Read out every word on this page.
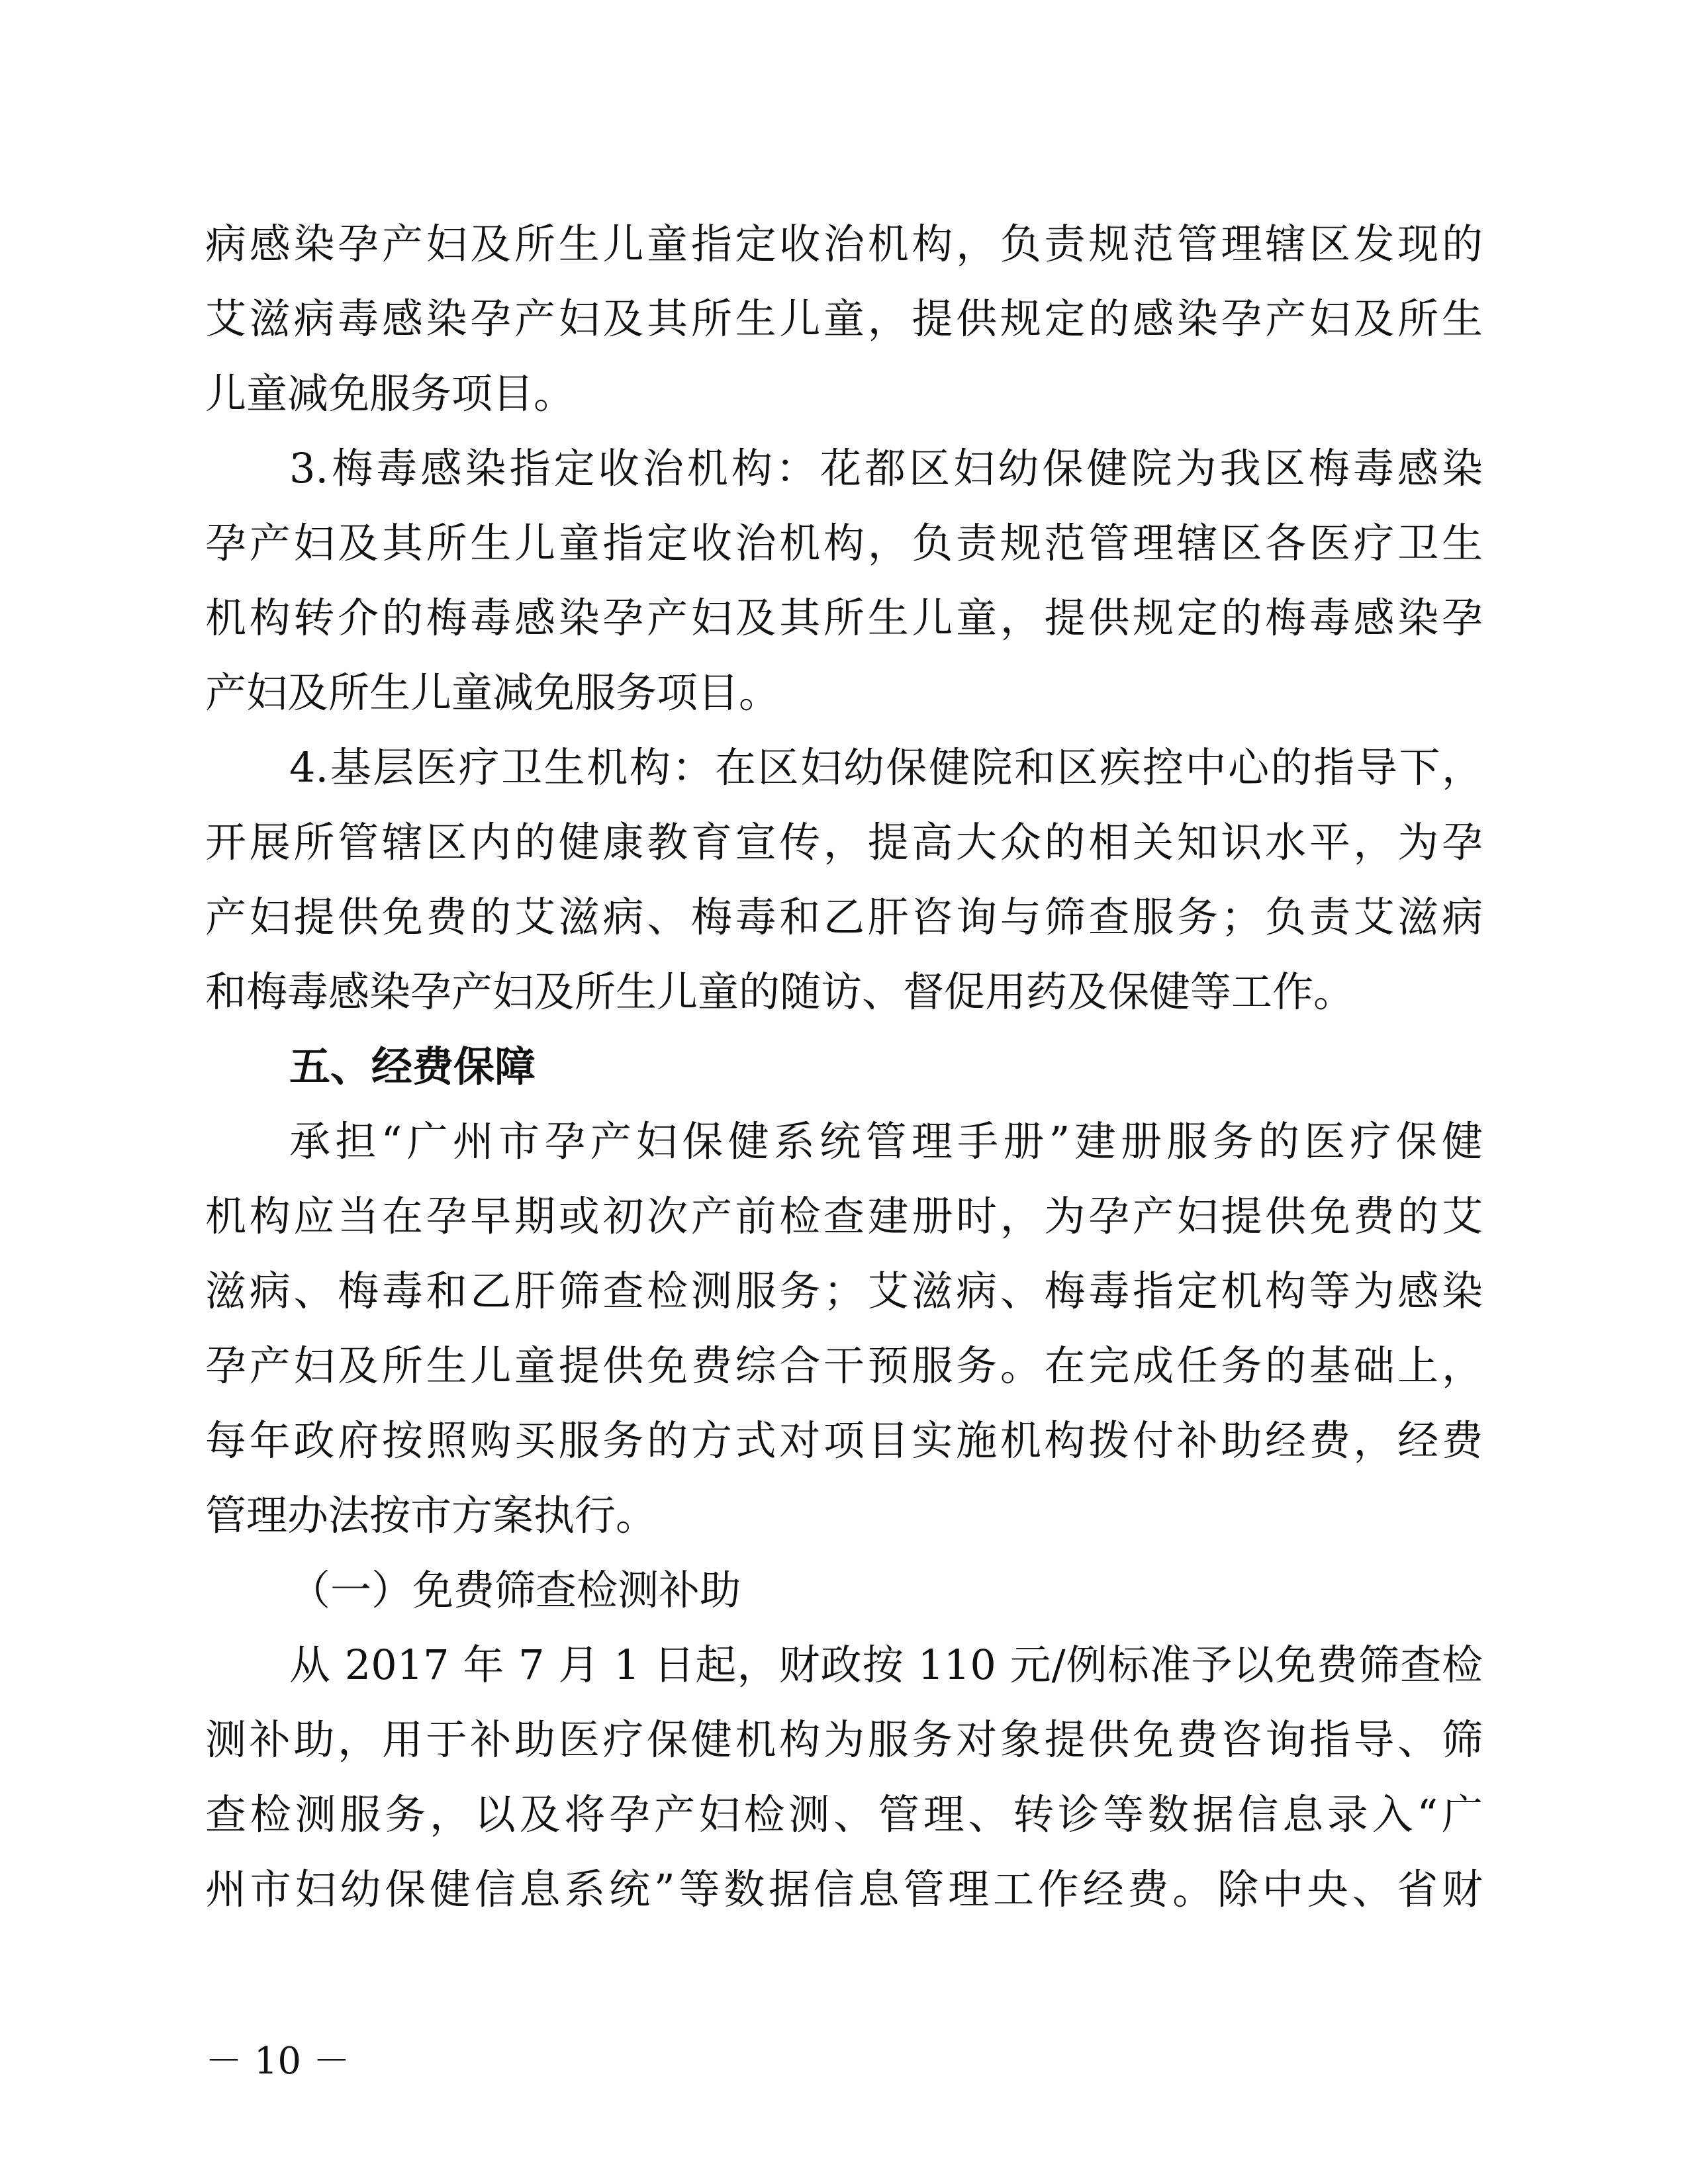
病感染孕产妇及所生儿童指定收治机构，负责规范管理辖区发现的
艾滋病毒感染孕产妇及其所生儿童，提供规定的感染孕产妇及所生
儿童减免服务项目。
3.梅毒感染指定收治机构：花都区妇幼保健院为我区梅毒感染
孕产妇及其所生儿童指定收治机构，负责规范管理辖区各医疗卫生
机构转介的梅毒感染孕产妇及其所生儿童，提供规定的梅毒感染孕
产妇及所生儿童减免服务项目。
4.基层医疗卫生机构：在区妇幼保健院和区疾控中心的指导下，
开展所管辖区内的健康教育宣传，提高大众的相关知识水平，为孕
产妇提供免费的艾滋病、梅毒和乙肝咨询与筛查服务；负责艾滋病
和梅毒感染孕产妇及所生儿童的随访、督促用药及保健等工作。
五、经费保障
承担“广州市孕产妇保健系统管理手册”建册服务的医疗保健
机构应当在孕早期或初次产前检查建册时，为孕产妇提供免费的艾
滋病、梅毒和乙肝筛查检测服务；艾滋病、梅毒指定机构等为感染
孕产妇及所生儿童提供免费综合干预服务。在完成任务的基础上，
每年政府按照购买服务的方式对项目实施机构拨付补助经费，经费
管理办法按市方案执行。
（一）免费筛查检测补助
从 2017 年 7 月 1 日起，财政按 110 元/例标准予以免费筛查检
测补助，用于补助医疗保健机构为服务对象提供免费咨询指导、筛
查检测服务，以及将孕产妇检测、管理、转诊等数据信息录入“广
州市妇幼保健信息系统”等数据信息管理工作经费。除中央、省财
－ 10 －
